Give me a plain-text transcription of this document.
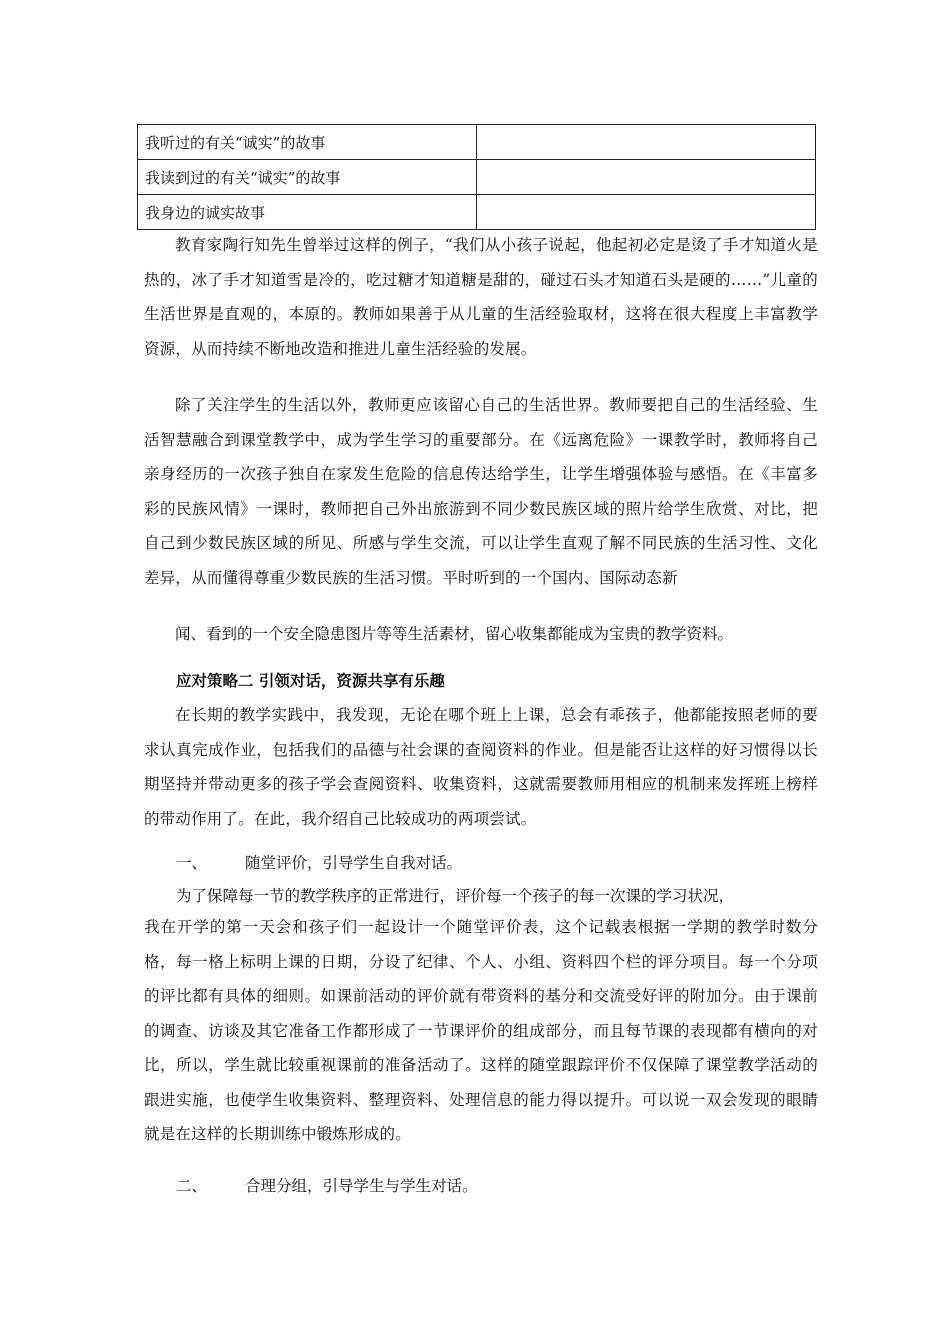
我听过的有关“诚实”的故事	
我读到过的有关“诚实”的故事	
我身边的诚实故事	

教育家陶行知先生曾举过这样的例子，“我们从小孩子说起，他起初必定是烫了手才知道火是热的，冰了手才知道雪是冷的，吃过糖才知道糖是甜的，碰过石头才知道石头是硬的……”儿童的生活世界是直观的，本原的。教师如果善于从儿童的生活经验取材，这将在很大程度上丰富教学资源，从而持续不断地改造和推进儿童生活经验的发展。

除了关注学生的生活以外，教师更应该留心自己的生活世界。教师要把自己的生活经验、生活智慧融合到课堂教学中，成为学生学习的重要部分。在《远离危险》一课教学时，教师将自己亲身经历的一次孩子独自在家发生危险的信息传达给学生，让学生增强体验与感悟。在《丰富多彩的民族风情》一课时，教师把自己外出旅游到不同少数民族区域的照片给学生欣赏、对比，把自己到少数民族区域的所见、所感与学生交流，可以让学生直观了解不同民族的生活习性、文化差异，从而懂得尊重少数民族的生活习惯。平时听到的一个国内、国际动态新

闻、看到的一个安全隐患图片等等生活素材，留心收集都能成为宝贵的教学资料。

应对策略二 引领对话，资源共享有乐趣

在长期的教学实践中，我发现，无论在哪个班上上课，总会有乖孩子，他都能按照老师的要求认真完成作业，包括我们的品德与社会课的查阅资料的作业。但是能否让这样的好习惯得以长期坚持并带动更多的孩子学会查阅资料、收集资料，这就需要教师用相应的机制来发挥班上榜样的带动作用了。在此，我介绍自己比较成功的两项尝试。

一、 随堂评价，引导学生自我对话。

为了保障每一节的教学秩序的正常进行，评价每一个孩子的每一次课的学习状况，

我在开学的第一天会和孩子们一起设计一个随堂评价表，这个记载表根据一学期的教学时数分格，每一格上标明上课的日期，分设了纪律、个人、小组、资料四个栏的评分项目。每一个分项的评比都有具体的细则。如课前活动的评价就有带资料的基分和交流受好评的附加分。由于课前的调查、访谈及其它准备工作都形成了一节课评价的组成部分，而且每节课的表现都有横向的对比，所以，学生就比较重视课前的准备活动了。这样的随堂跟踪评价不仅保障了课堂教学活动的跟进实施，也使学生收集资料、整理资料、处理信息的能力得以提升。可以说一双会发现的眼睛就是在这样的长期训练中锻炼形成的。

二、 合理分组，引导学生与学生对话。
